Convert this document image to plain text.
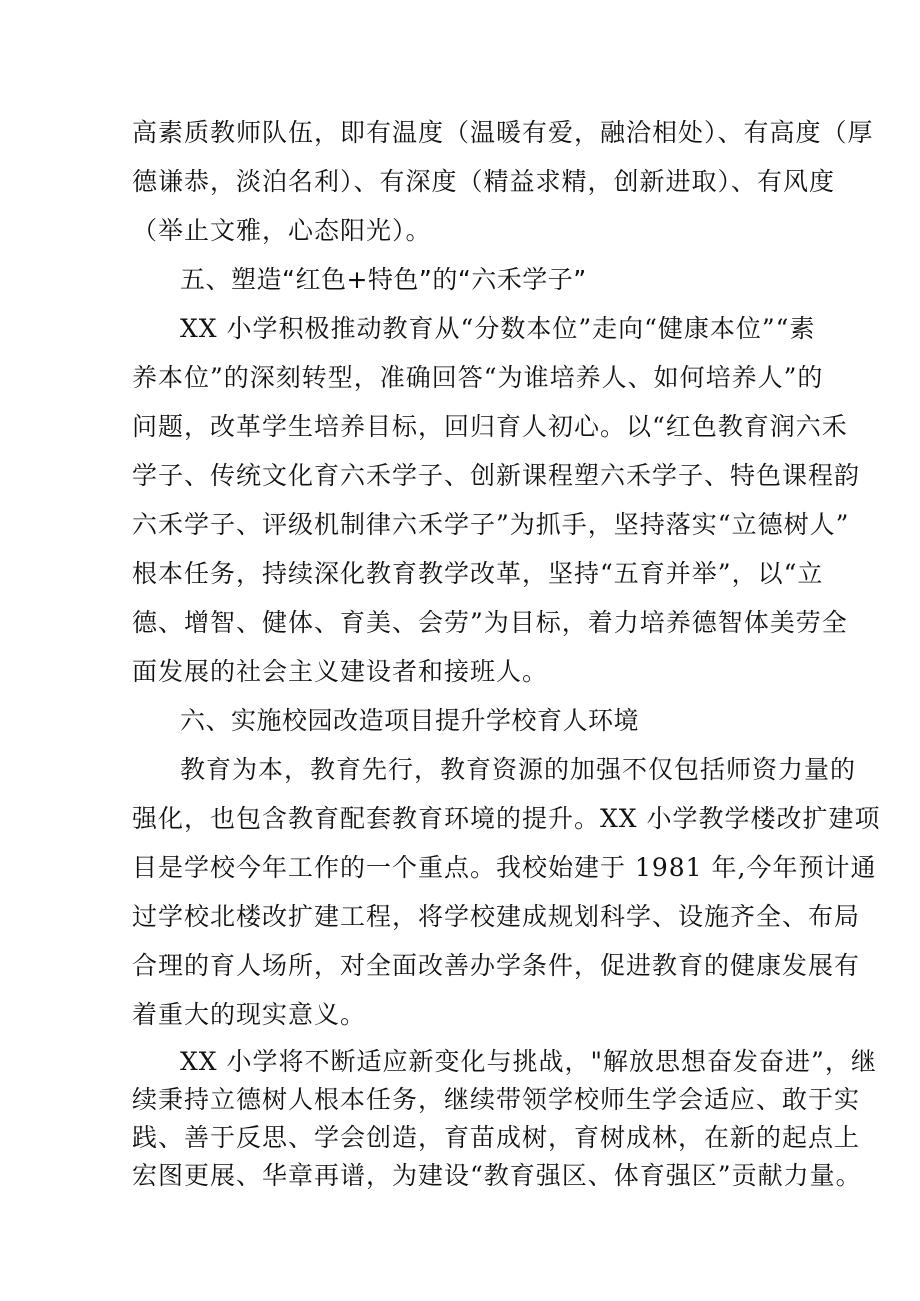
高素质教师队伍，即有温度（温暖有爱，融洽相处）、有高度（厚
德谦恭，淡泊名利）、有深度（精益求精，创新进取）、有风度
（举止文雅，心态阳光）。
五、塑造“红色+特色”的“六禾学子”
XX 小学积极推动教育从“分数本位”走向“健康本位”“素
养本位”的深刻转型，准确回答“为谁培养人、如何培养人”的
问题，改革学生培养目标，回归育人初心。以“红色教育润六禾
学子、传统文化育六禾学子、创新课程塑六禾学子、特色课程韵
六禾学子、评级机制律六禾学子”为抓手，坚持落实“立德树人”
根本任务，持续深化教育教学改革，坚持“五育并举”，以“立
德、增智、健体、育美、会劳”为目标，着力培养德智体美劳全
面发展的社会主义建设者和接班人。
六、实施校园改造项目提升学校育人环境
教育为本，教育先行，教育资源的加强不仅包括师资力量的
强化，也包含教育配套教育环境的提升。XX 小学教学楼改扩建项
目是学校今年工作的一个重点。我校始建于 1981 年,今年预计通
过学校北楼改扩建工程，将学校建成规划科学、设施齐全、布局
合理的育人场所，对全面改善办学条件，促进教育的健康发展有
着重大的现实意义。
XX 小学将不断适应新变化与挑战，"解放思想奋发奋进”，继
续秉持立德树人根本任务，继续带领学校师生学会适应、敢于实
践、善于反思、学会创造，育苗成树，育树成林，在新的起点上
宏图更展、华章再谱，为建设“教育强区、体育强区”贡献力量。
